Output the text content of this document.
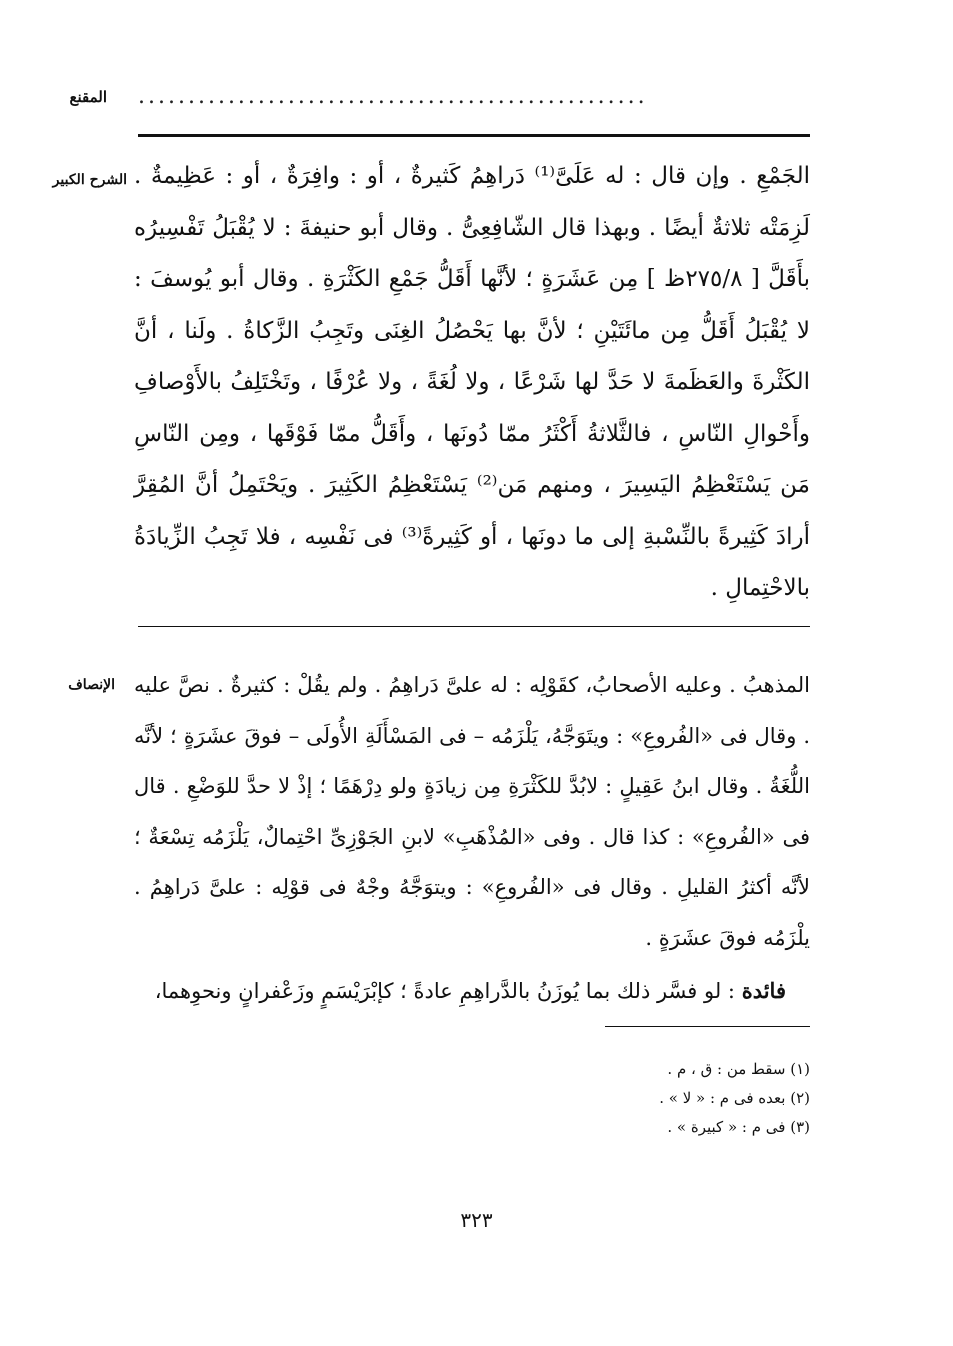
المقنع ...................................................
الشرح الكبير الجَمْعِ . وإن قال : له عَلَىَّ⁽¹⁾ دَراهِمُ كَثيرةٌ ، أو : وافِرَةٌ ، أو : عَظِيمةٌ . لَزِمَتْه ثلاثةٌ أيضًا . وبهذا قال الشّافِعِىُّ . وقال أبو حنيفةَ : لا يُقْبَلُ تَفْسِيرُه بأَقَلَّ [ ٢٧٥/٨ظ ] مِن عَشَرَةٍ ؛ لأنَّها أَقَلُّ جَمْعِ الكَثْرَةِ . وقال أبو يُوسفَ : لا يُقْبَلُ أَقَلُّ مِن مائَتَيْنِ ؛ لأنَّ بها يَحْصُلُ الغِنَى وتَجِبُ الزَّكاةُ . ولَنا ، أنَّ الكَثْرةَ والعَظَمةَ لا حَدَّ لها شَرْعًا ، ولا لُغَةً ، ولا عُرْفًا ، وتَخْتَلِفُ بالأَوْصافِ وأَحْوالِ النّاسِ ، فالثَّلاثةُ أَكْثَرُ ممّا دُونَها ، وأَقَلُّ ممّا فَوْقَها ، ومِن النّاسِ مَن يَسْتَعْظِمُ اليَسِيرَ ، ومنهم مَن⁽²⁾ يَسْتَعْظِمُ الكَثِيرَ . ويَحْتَمِلُ أنَّ المُقِرَّ أرادَ كَثِيرةً بالنِّسْبةِ إلى ما دونَها ، أو كَثِيرةً⁽³⁾ فى نَفْسِه ، فلا تَجِبُ الزِّيادَةُ بالاحْتِمالِ .
الإنصاف المذهبُ . وعليه الأصحابُ، كقَوْلِه : له علىَّ دَراهِمُ . ولم يقُلْ : كثيرةٌ . نصَّ عليه . وقال فى «الفُروعِ» : ويتَوَجَّهُ، يَلْزَمُه – فى المَسْأَلَةِ الأُولَى – فوقَ عشَرَةٍ ؛ لأنَّه اللُّغَةُ . وقال ابنُ عَقِيلٍ : لابُدَّ للكَثْرَةِ مِن زيادَةٍ ولو دِرْهَمًا ؛ إذْ لا حدَّ للوَضْعِ . قال فى «الفُروعِ» : كذا قال . وفى «المُذْهَبِ» لابنِ الجَوْزِىِّ احْتِمالٌ، يَلْزَمُه تِسْعَةٌ ؛ لأنَّه أكثرُ القليلِ . وقال فى «الفُروعِ» : ويتوَجَّهُ وجْهٌ فى قوْلِه : علىَّ دَراهِمُ . يلْزَمُه فوقَ عشَرَةٍ .
فائدة : لو فسَّر ذلك بما يُوزَنُ بالدَّراهِمِ عادةً ؛ كإبْرَيْسَمٍ وزَعْفرانٍ ونحوِهما،
(١) سقط من : ق ، م .
(٢) بعده فى م : « لا » .
(٣) فى م : « كبيرة » .
٣٢٣
